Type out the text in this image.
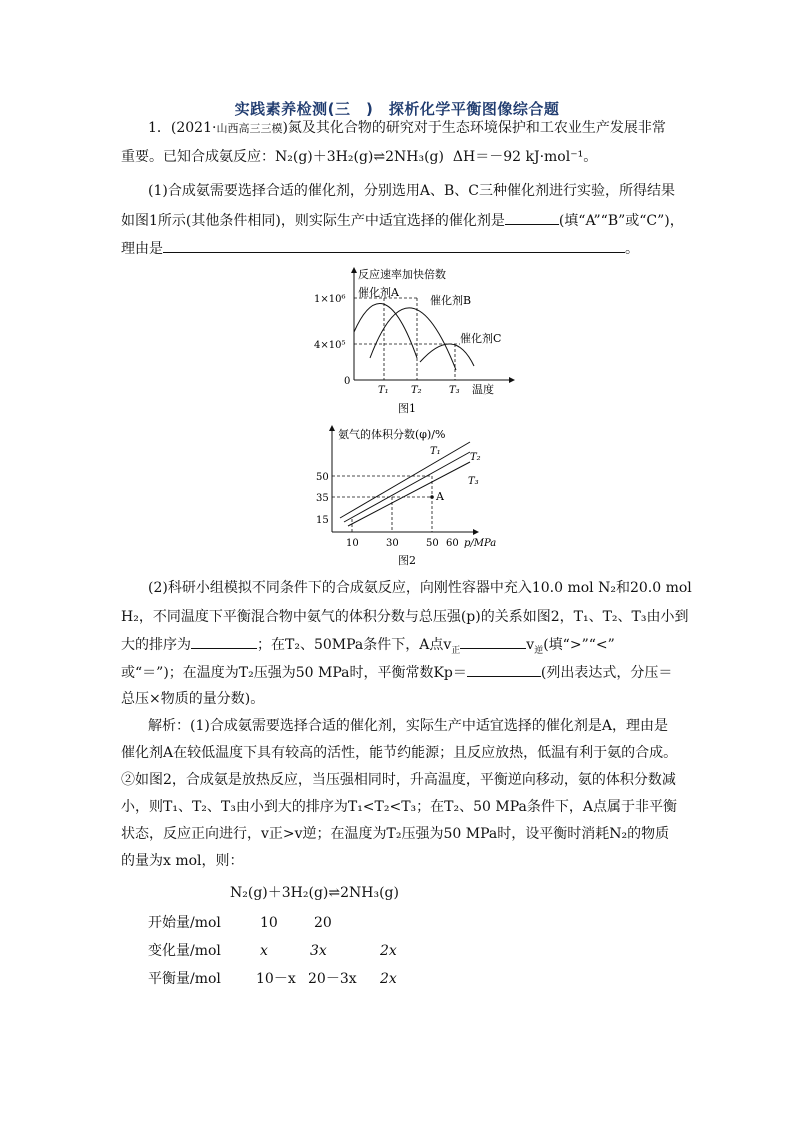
实践素养检测(三　)　探析化学平衡图像综合题
1．(2021·山西高三三模)氮及其化合物的研究对于生态环境保护和工农业生产发展非常
重要。已知合成氨反应：N₂(g)＋3H₂(g)⇌2NH₃(g) ΔH＝－92 kJ·mol⁻¹。
(1)合成氨需要选择合适的催化剂，分别选用A、B、C三种催化剂进行实验，所得结果
如图1所示(其他条件相同)，则实际生产中适宜选择的催化剂是	(填“A”“B”或“C”)，
理由是	。
反应速率加快倍数
1×10⁶
4×10⁵
0
催化剂A
催化剂B
催化剂C
T₁ T₂	T₃ 温度
图1
氨气的体积分数(φ)/%
50
35
15
A
T₁
T₂
T₃
10	30	50 60 p/MPa
图2
(2)科研小组模拟不同条件下的合成氨反应，向刚性容器中充入10.0 mol N₂和20.0 mol
H₂，不同温度下平衡混合物中氨气的体积分数与总压强(p)的关系如图2，T₁、T₂、T₃由小到
大的排序为	；在T₂、50MPa条件下，A点$v_正$	$v_逆$(填“>”“<”
或“＝”)；在温度为T₂压强为50 MPa时，平衡常数Kp＝	(列出表达式，分压＝
总压×物质的量分数)。
解析：(1)合成氨需要选择合适的催化剂，实际生产中适宜选择的催化剂是A，理由是
催化剂A在较低温度下具有较高的活性，能节约能源；且反应放热，低温有利于氨的合成。
②如图2，合成氨是放热反应，当压强相同时，升高温度，平衡逆向移动，氨的体积分数减
小，则T₁、T₂、T₃由小到大的排序为T₁<T₂<T₃；在T₂、50 MPa条件下，A点属于非平衡
状态，反应正向进行，v正>v逆；在温度为T₂压强为50 MPa时，设平衡时消耗N₂的物质
的量为x mol，则：
N₂(g)＋3H₂(g)⇌2NH₃(g)
开始量/mol	10	20
变化量/mol	x	3x	2x
平衡量/mol	10－x 20－3x 2x
